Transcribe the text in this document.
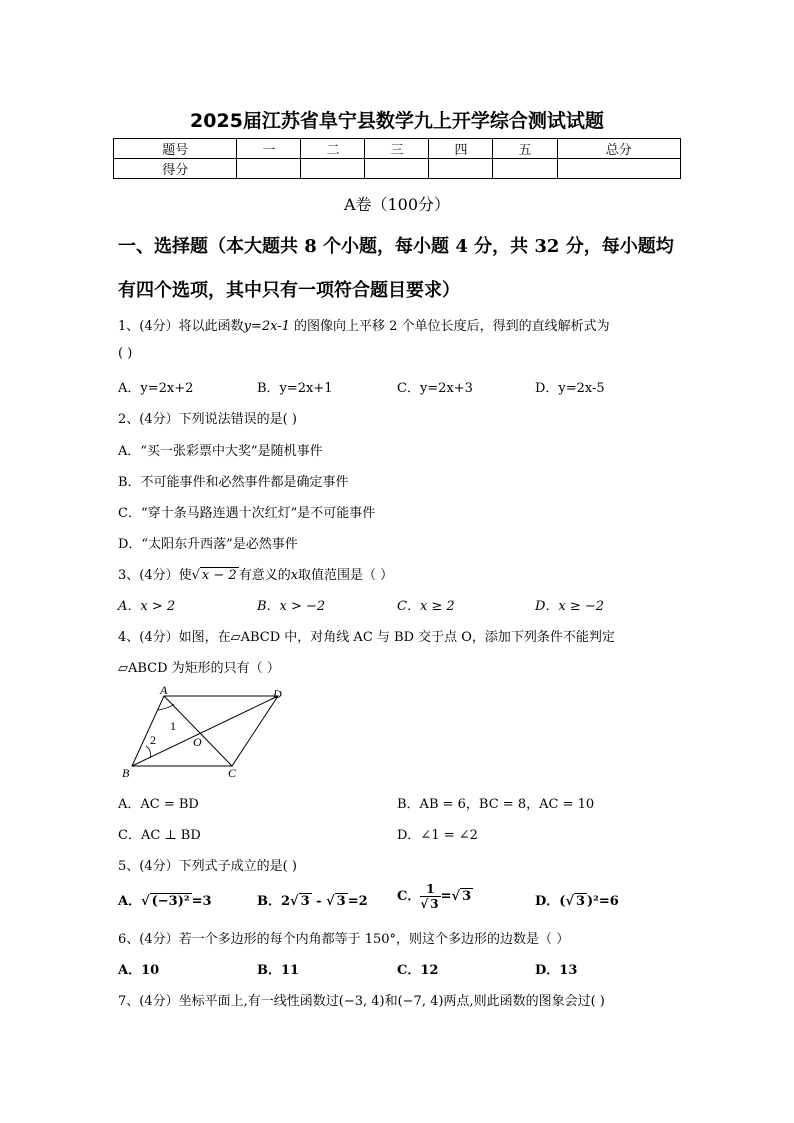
2025届江苏省阜宁县数学九上开学综合测试试题
题号	一	二	三	四	五	总分
得分						
A卷（100分）
一、选择题（本大题共 8 个小题，每小题 4 分，共 32 分，每小题均
有四个选项，其中只有一项符合题目要求）
1、(4分）将以此函数y=2x-1 的图像向上平移 2 个单位长度后，得到的直线解析式为
( )
A．y=2x+2	B．y=2x+1	C．y=2x+3	D．y=2x-5
2、(4分）下列说法错误的是( )
A．“买一张彩票中大奖”是随机事件
B．不可能事件和必然事件都是确定事件
C．“穿十条马路连遇十次红灯”是不可能事件
D．“太阳东升西落”是必然事件
3、(4分）使√ x − 2 有意义的x取值范围是（ ）
A．x > 2	B．x > −2	C．x ≥ 2	D．x ≥ −2
4、(4分）如图，在▱ABCD 中，对角线 AC 与 BD 交于点 O，添加下列条件不能判定
▱ABCD 为矩形的只有（ ）
A	D
B	C
O
1
2
A．AC = BD	B．AB = 6，BC = 8，AC = 10
C．AC ⊥ BD	D．∠1 = ∠2
5、(4分）下列式子成立的是( )
A．√ (−3)² =3	B．2√ 3 - √ 3 =2 C． $\frac{1}{√ 3}$ =√ 3	D．(√ 3 )²=6
6、(4分）若一个多边形的每个内角都等于 150°，则这个多边形的边数是（ ）
A．10	B．11	C．12	D．13
7、(4分）坐标平面上,有一线性函数过(−3, 4)和(−7, 4)两点,则此函数的图象会过( )
